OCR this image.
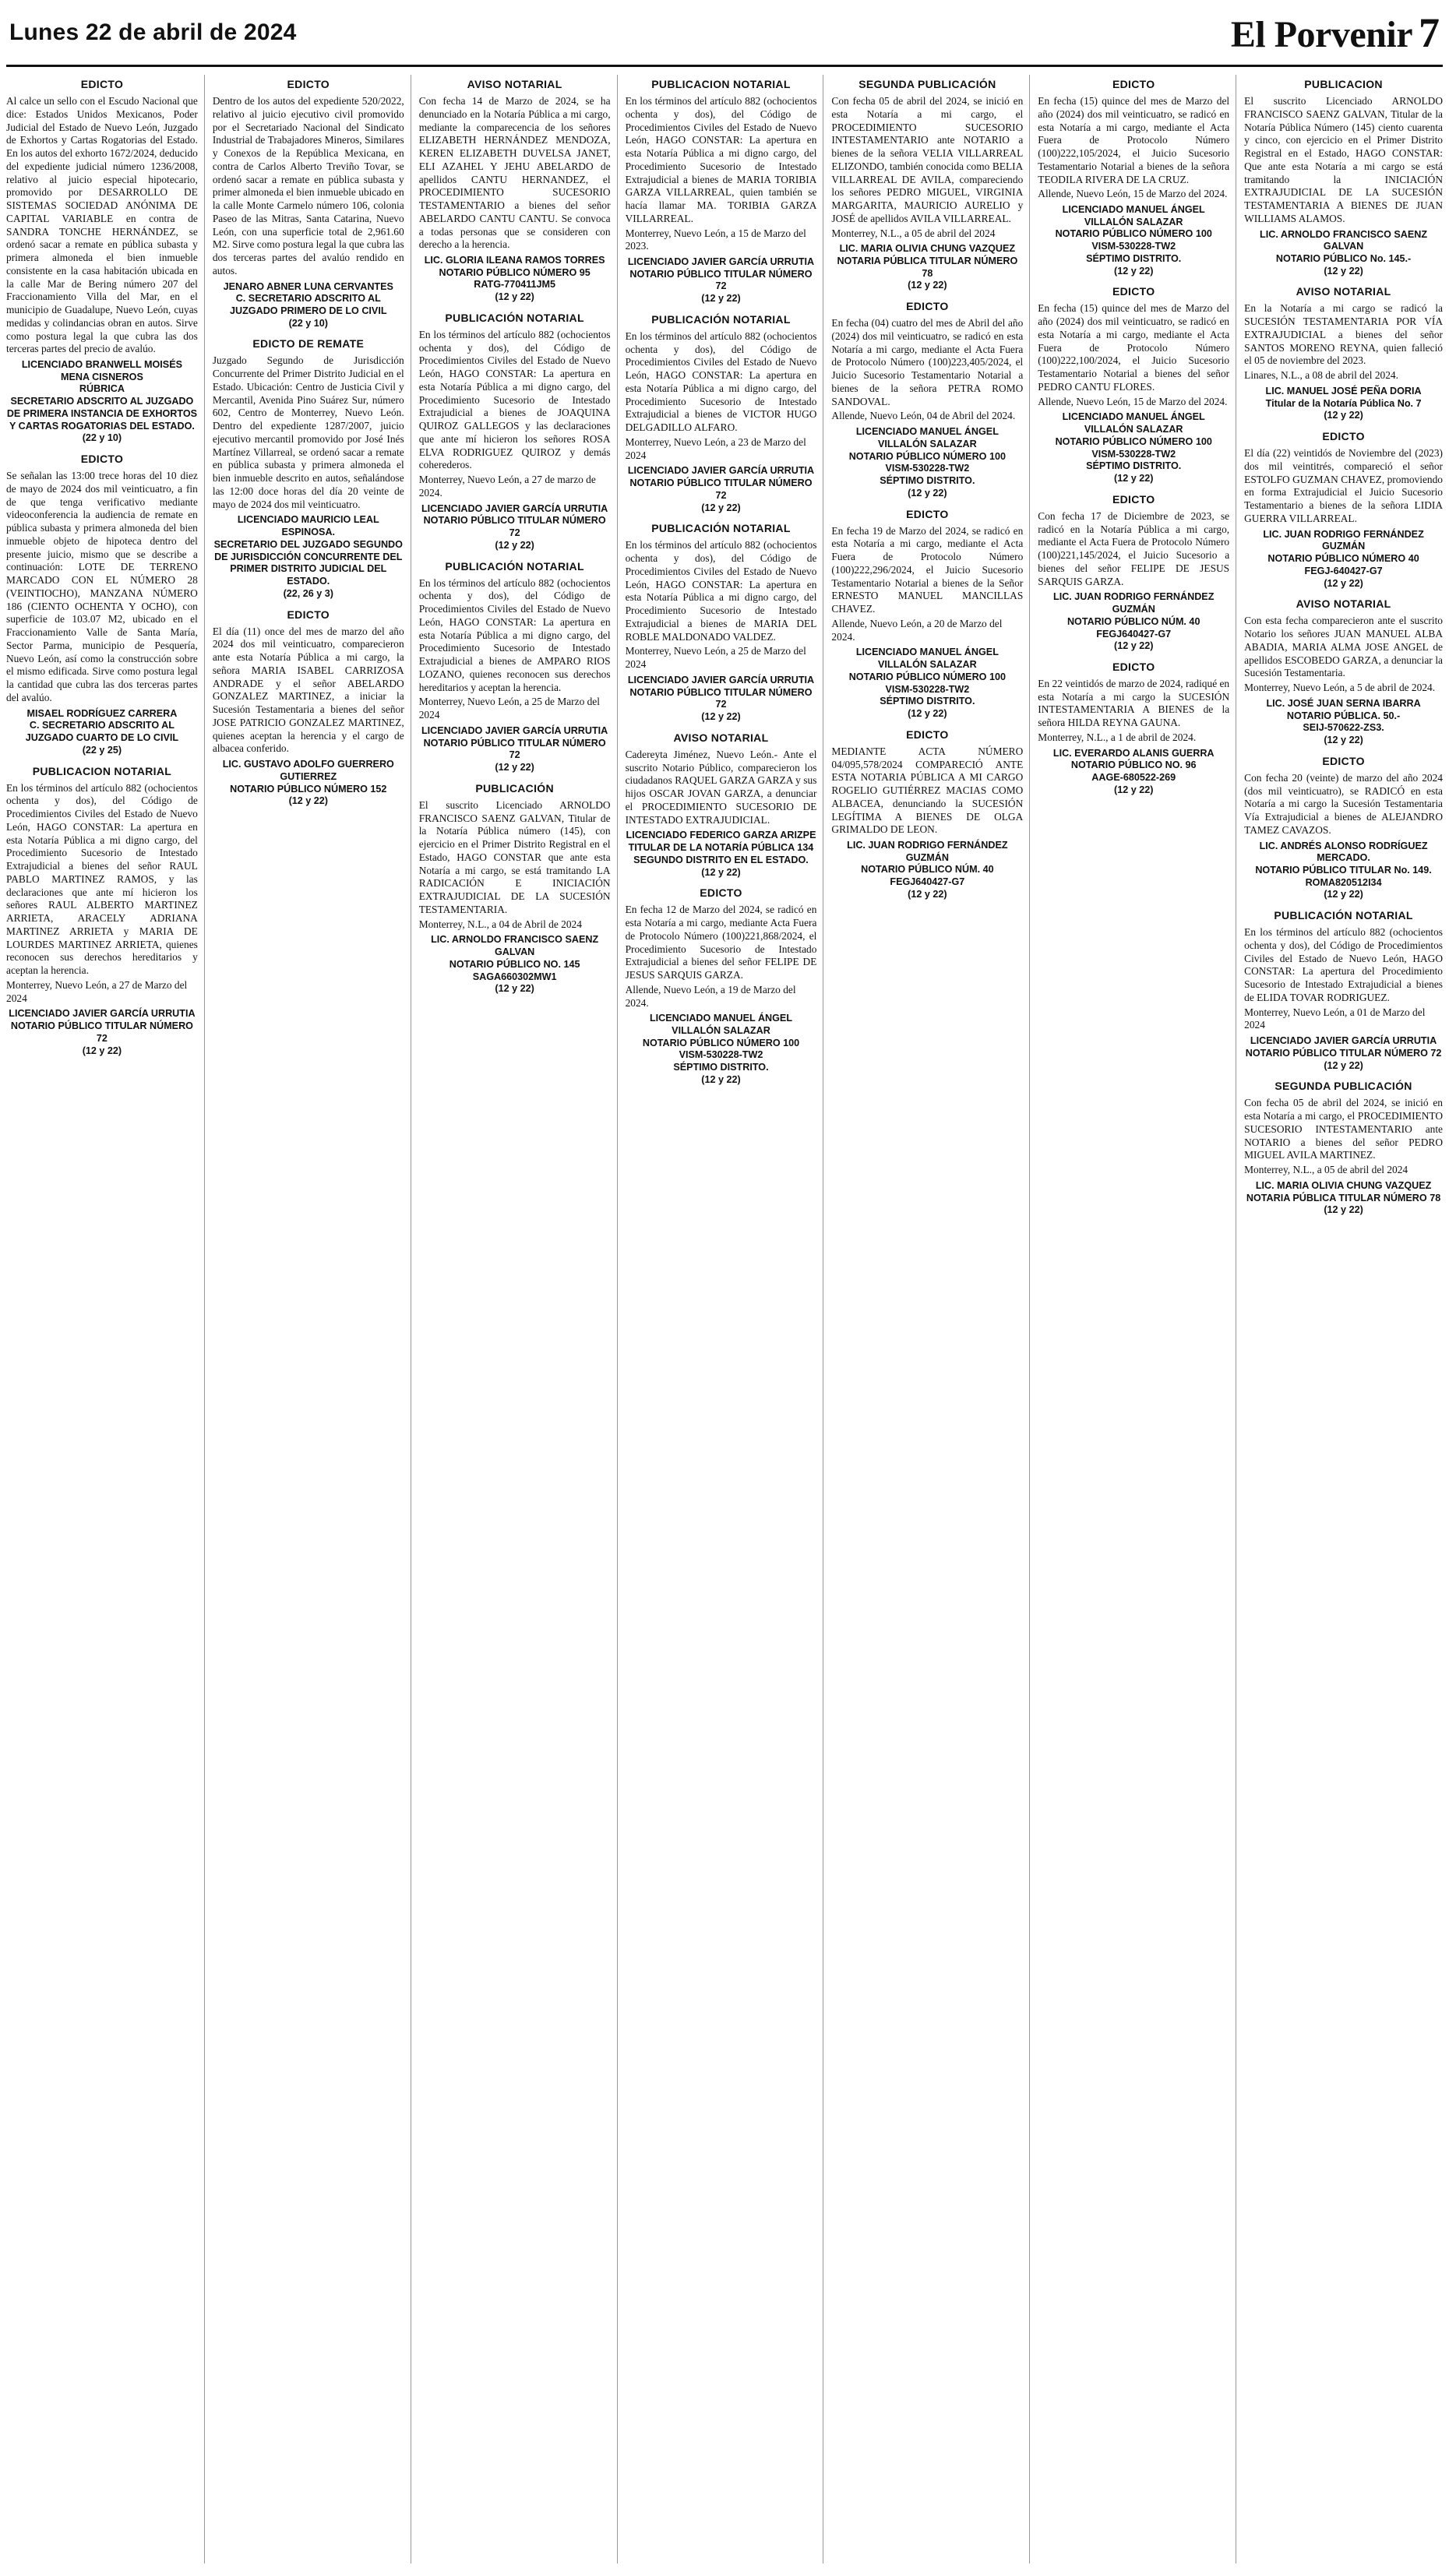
Lunes 22 de abril de 2024	El Porvenir 7
EDICTO

Al calce un sello con el Escudo Nacional que dice: Estados Unidos Mexicanos, Poder Judicial del Estado de Nuevo León, Juzgado de Exhortos y Cartas Rogatorias del Estado. En los autos del exhorto 1672/2024, deducido del expediente judicial número 1236/2008, relativo al juicio especial hipotecario, promovido por DESARROLLO DE SISTEMAS SOCIEDAD ANÓNIMA DE CAPITAL VARIABLE en contra de SANDRA TONCHE HERNÁNDEZ, se ordenó sacar a remate en pública subasta y primera almoneda el bien inmueble consistente en la casa habitación ubicada en la calle Mar de Bering número 207 del Fraccionamiento Villa del Mar, en el municipio de Guadalupe, Nuevo León, cuyas medidas y colindancias obran en autos. Sirve como postura legal la que cubra las dos terceras partes del precio de avalúo.

LICENCIADO BRANWELL MOISÉS MENA CISNEROS
RÚBRICA
SECRETARIO ADSCRITO AL JUZGADO DE PRIMERA INSTANCIA DE EXHORTOS Y CARTAS ROGATORIAS DEL ESTADO.
(22 y 10)

EDICTO

Se señalan las 13:00 trece horas del 10 diez de mayo de 2024 dos mil veinticuatro, a fin de que tenga verificativo mediante videoconferencia la audiencia de remate en pública subasta y primera almoneda del bien inmueble objeto de hipoteca dentro del presente juicio, mismo que se describe a continuación: LOTE DE TERRENO MARCADO CON EL NÚMERO 28 (VEINTIOCHO), MANZANA NÚMERO 186 (CIENTO OCHENTA Y OCHO), con superficie de 103.07 M2, ubicado en el Fraccionamiento Valle de Santa María, Sector Parma, municipio de Pesquería, Nuevo León, así como la construcción sobre el mismo edificada. Sirve como postura legal la cantidad que cubra las dos terceras partes del avalúo.

MISAEL RODRÍGUEZ CARRERA
C. SECRETARIO ADSCRITO AL JUZGADO CUARTO DE LO CIVIL
(22 y 25)

PUBLICACION NOTARIAL

En los términos del artículo 882 (ochocientos ochenta y dos), del Código de Procedimientos Civiles del Estado de Nuevo León, HAGO CONSTAR: La apertura en esta Notaría Pública a mi digno cargo, del Procedimiento Sucesorio de Intestado Extrajudicial a bienes del señor RAUL PABLO MARTINEZ RAMOS, y las declaraciones que ante mí hicieron los señores RAUL ALBERTO MARTINEZ ARRIETA, ARACELY ADRIANA MARTINEZ ARRIETA y MARIA DE LOURDES MARTINEZ ARRIETA, quienes reconocen sus derechos hereditarios y aceptan la herencia.

Monterrey, Nuevo León, a 27 de Marzo del 2024

LICENCIADO JAVIER GARCÍA URRUTIA
NOTARIO PÚBLICO TITULAR NÚMERO 72
(12 y 22)

EDICTO

Dentro de los autos del expediente 520/2022, relativo al juicio ejecutivo civil promovido por el Secretariado Nacional del Sindicato Industrial de Trabajadores Mineros, Similares y Conexos de la República Mexicana, en contra de Carlos Alberto Treviño Tovar, se ordenó sacar a remate en pública subasta y primer almoneda el bien inmueble ubicado en la calle Monte Carmelo número 106, colonia Paseo de las Mitras, Santa Catarina, Nuevo León, con una superficie total de 2,961.60 M2. Sirve como postura legal la que cubra las dos terceras partes del avalúo rendido en autos.

JENARO ABNER LUNA CERVANTES
C. SECRETARIO ADSCRITO AL JUZGADO PRIMERO DE LO CIVIL
(22 y 10)

EDICTO DE REMATE

Juzgado Segundo de Jurisdicción Concurrente del Primer Distrito Judicial en el Estado. Ubicación: Centro de Justicia Civil y Mercantil, Avenida Pino Suárez Sur, número 602, Centro de Monterrey, Nuevo León. Dentro del expediente 1287/2007, juicio ejecutivo mercantil promovido por José Inés Martínez Villarreal, se ordenó sacar a remate en pública subasta y primera almoneda el bien inmueble descrito en autos, señalándose las 12:00 doce horas del día 20 veinte de mayo de 2024 dos mil veinticuatro.

LICENCIADO MAURICIO LEAL ESPINOSA.
SECRETARIO DEL JUZGADO SEGUNDO DE JURISDICCIÓN CONCURRENTE DEL PRIMER DISTRITO JUDICIAL DEL ESTADO.
(22, 26 y 3)

EDICTO

El día (11) once del mes de marzo del año 2024 dos mil veinticuatro, comparecieron ante esta Notaría Pública a mi cargo, la señora MARIA ISABEL CARRIZOSA ANDRADE y el señor ABELARDO GONZALEZ MARTINEZ, a iniciar la Sucesión Testamentaria a bienes del señor JOSE PATRICIO GONZALEZ MARTINEZ, quienes aceptan la herencia y el cargo de albacea conferido.

LIC. GUSTAVO ADOLFO GUERRERO GUTIERREZ
NOTARIO PÚBLICO NÚMERO 152
(12 y 22)

AVISO NOTARIAL

Con fecha 14 de Marzo de 2024, se ha denunciado en la Notaría Pública a mi cargo, mediante la comparecencia de los señores ELIZABETH HERNÁNDEZ MENDOZA, KEREN ELIZABETH DUVELSA JANET, ELI AZAHEL Y JEHU ABELARDO de apellidos CANTU HERNANDEZ, el PROCEDIMIENTO SUCESORIO TESTAMENTARIO a bienes del señor ABELARDO CANTU CANTU. Se convoca a todas personas que se consideren con derecho a la herencia.

LIC. GLORIA ILEANA RAMOS TORRES
NOTARIO PÚBLICO NÚMERO 95
RATG-770411JM5
(12 y 22)

PUBLICACIÓN NOTARIAL

En los términos del artículo 882 (ochocientos ochenta y dos), del Código de Procedimientos Civiles del Estado de Nuevo León, HAGO CONSTAR: La apertura en esta Notaría Pública a mi digno cargo, del Procedimiento Sucesorio de Intestado Extrajudicial a bienes de JOAQUINA QUIROZ GALLEGOS y las declaraciones que ante mí hicieron los señores ROSA ELVA RODRIGUEZ QUIROZ y demás coherederos.

Monterrey, Nuevo León, a 27 de marzo de 2024.

LICENCIADO JAVIER GARCÍA URRUTIA
NOTARIO PÚBLICO TITULAR NÚMERO 72
(12 y 22)

PUBLICACIÓN NOTARIAL

En los términos del artículo 882 (ochocientos ochenta y dos), del Código de Procedimientos Civiles del Estado de Nuevo León, HAGO CONSTAR: La apertura en esta Notaría Pública a mi digno cargo, del Procedimiento Sucesorio de Intestado Extrajudicial a bienes de AMPARO RIOS LOZANO, quienes reconocen sus derechos hereditarios y aceptan la herencia.

Monterrey, Nuevo León, a 25 de Marzo del 2024

LICENCIADO JAVIER GARCÍA URRUTIA
NOTARIO PÚBLICO TITULAR NÚMERO 72
(12 y 22)

PUBLICACIÓN

El suscrito Licenciado ARNOLDO FRANCISCO SAENZ GALVAN, Titular de la Notaría Pública número (145), con ejercicio en el Primer Distrito Registral en el Estado, HAGO CONSTAR que ante esta Notaría a mi cargo, se está tramitando LA RADICACIÓN E INICIACIÓN EXTRAJUDICIAL DE LA SUCESIÓN TESTAMENTARIA.

Monterrey, N.L., a 04 de Abril de 2024

LIC. ARNOLDO FRANCISCO SAENZ GALVAN
NOTARIO PÚBLICO NO. 145
SAGA660302MW1
(12 y 22)

PUBLICACION NOTARIAL

En los términos del artículo 882 (ochocientos ochenta y dos), del Código de Procedimientos Civiles del Estado de Nuevo León, HAGO CONSTAR: La apertura en esta Notaría Pública a mi digno cargo, del Procedimiento Sucesorio de Intestado Extrajudicial a bienes de MARIA TORIBIA GARZA VILLARREAL, quien también se hacía llamar MA. TORIBIA GARZA VILLARREAL.

Monterrey, Nuevo León, a 15 de Marzo del 2023.

LICENCIADO JAVIER GARCÍA URRUTIA
NOTARIO PÚBLICO TITULAR NÚMERO 72
(12 y 22)

PUBLICACIÓN NOTARIAL

En los términos del artículo 882 (ochocientos ochenta y dos), del Código de Procedimientos Civiles del Estado de Nuevo León, HAGO CONSTAR: La apertura en esta Notaría Pública a mi digno cargo, del Procedimiento Sucesorio de Intestado Extrajudicial a bienes de VICTOR HUGO DELGADILLO ALFARO.

Monterrey, Nuevo León, a 23 de Marzo del 2024

LICENCIADO JAVIER GARCÍA URRUTIA
NOTARIO PÚBLICO TITULAR NÚMERO 72
(12 y 22)

PUBLICACIÓN NOTARIAL

En los términos del artículo 882 (ochocientos ochenta y dos), del Código de Procedimientos Civiles del Estado de Nuevo León, HAGO CONSTAR: La apertura en esta Notaría Pública a mi digno cargo, del Procedimiento Sucesorio de Intestado Extrajudicial a bienes de MARIA DEL ROBLE MALDONADO VALDEZ.

Monterrey, Nuevo León, a 25 de Marzo del 2024

LICENCIADO JAVIER GARCÍA URRUTIA
NOTARIO PÚBLICO TITULAR NÚMERO 72
(12 y 22)

AVISO NOTARIAL

Cadereyta Jiménez, Nuevo León.- Ante el suscrito Notario Público, comparecieron los ciudadanos RAQUEL GARZA GARZA y sus hijos OSCAR JOVAN GARZA, a denunciar el PROCEDIMIENTO SUCESORIO DE INTESTADO EXTRAJUDICIAL.

LICENCIADO FEDERICO GARZA ARIZPE
TITULAR DE LA NOTARÍA PÚBLICA 134
SEGUNDO DISTRITO EN EL ESTADO.
(12 y 22)

EDICTO

En fecha 12 de Marzo del 2024, se radicó en esta Notaría a mi cargo, mediante Acta Fuera de Protocolo Número (100)221,868/2024, el Procedimiento Sucesorio de Intestado Extrajudicial a bienes del señor FELIPE DE JESUS SARQUIS GARZA.

Allende, Nuevo León, a 19 de Marzo del 2024.

LICENCIADO MANUEL ÁNGEL VILLALÓN SALAZAR
NOTARIO PÚBLICO NÚMERO 100
VISM-530228-TW2
SÉPTIMO DISTRITO.
(12 y 22)

SEGUNDA PUBLICACIÓN

Con fecha 05 de abril del 2024, se inició en esta Notaría a mi cargo, el PROCEDIMIENTO SUCESORIO INTESTAMENTARIO ante NOTARIO a bienes de la señora VELIA VILLARREAL ELIZONDO, también conocida como BELIA VILLARREAL DE AVILA, compareciendo los señores PEDRO MIGUEL, VIRGINIA MARGARITA, MAURICIO AURELIO y JOSÉ de apellidos AVILA VILLARREAL.

Monterrey, N.L., a 05 de abril del 2024

LIC. MARIA OLIVIA CHUNG VAZQUEZ
NOTARIA PÚBLICA TITULAR NÚMERO 78
(12 y 22)

EDICTO

En fecha (04) cuatro del mes de Abril del año (2024) dos mil veinticuatro, se radicó en esta Notaría a mi cargo, mediante el Acta Fuera de Protocolo Número (100)223,405/2024, el Juicio Sucesorio Testamentario Notarial a bienes de la señora PETRA ROMO SANDOVAL.

Allende, Nuevo León, 04 de Abril del 2024.

LICENCIADO MANUEL ÁNGEL VILLALÓN SALAZAR
NOTARIO PÚBLICO NÚMERO 100
VISM-530228-TW2
SÉPTIMO DISTRITO.
(12 y 22)

EDICTO

En fecha 19 de Marzo del 2024, se radicó en esta Notaría a mi cargo, mediante el Acta Fuera de Protocolo Número (100)222,296/2024, el Juicio Sucesorio Testamentario Notarial a bienes de la Señor ERNESTO MANUEL MANCILLAS CHAVEZ.

Allende, Nuevo León, a 20 de Marzo del 2024.

LICENCIADO MANUEL ÁNGEL VILLALÓN SALAZAR
NOTARIO PÚBLICO NÚMERO 100
VISM-530228-TW2
SÉPTIMO DISTRITO.
(12 y 22)

EDICTO

MEDIANTE ACTA NÚMERO 04/095,578/2024 COMPARECIÓ ANTE ESTA NOTARIA PÚBLICA A MI CARGO ROGELIO GUTIÉRREZ MACIAS COMO ALBACEA, denunciando la SUCESIÓN LEGÍTIMA A BIENES DE OLGA GRIMALDO DE LEON.

LIC. JUAN RODRIGO FERNÁNDEZ GUZMÁN
NOTARIO PÚBLICO NÚM. 40
FEGJ640427-G7
(12 y 22)

EDICTO

En fecha (15) quince del mes de Marzo del año (2024) dos mil veinticuatro, se radicó en esta Notaría a mi cargo, mediante el Acta Fuera de Protocolo Número (100)222,105/2024, el Juicio Sucesorio Testamentario Notarial a bienes de la señora TEODILA RIVERA DE LA CRUZ.

Allende, Nuevo León, 15 de Marzo del 2024.

LICENCIADO MANUEL ÁNGEL VILLALÓN SALAZAR
NOTARIO PÚBLICO NÚMERO 100
VISM-530228-TW2
SÉPTIMO DISTRITO.
(12 y 22)

EDICTO

En fecha (15) quince del mes de Marzo del año (2024) dos mil veinticuatro, se radicó en esta Notaría a mi cargo, mediante el Acta Fuera de Protocolo Número (100)222,100/2024, el Juicio Sucesorio Testamentario Notarial a bienes del señor PEDRO CANTU FLORES.

Allende, Nuevo León, 15 de Marzo del 2024.

LICENCIADO MANUEL ÁNGEL VILLALÓN SALAZAR
NOTARIO PÚBLICO NÚMERO 100
VISM-530228-TW2
SÉPTIMO DISTRITO.
(12 y 22)

EDICTO

Con fecha 17 de Diciembre de 2023, se radicó en la Notaría Pública a mi cargo, mediante el Acta Fuera de Protocolo Número (100)221,145/2024, el Juicio Sucesorio a bienes del señor FELIPE DE JESUS SARQUIS GARZA.

LIC. JUAN RODRIGO FERNÁNDEZ GUZMÁN
NOTARIO PÚBLICO NÚM. 40
FEGJ640427-G7
(12 y 22)

EDICTO

En 22 veintidós de marzo de 2024, radiqué en esta Notaría a mi cargo la SUCESIÓN INTESTAMENTARIA A BIENES de la señora HILDA REYNA GAUNA.

Monterrey, N.L., a 1 de abril de 2024.

LIC. EVERARDO ALANIS GUERRA
NOTARIO PÚBLICO NO. 96
AAGE-680522-269
(12 y 22)

PUBLICACION

El suscrito Licenciado ARNOLDO FRANCISCO SAENZ GALVAN, Titular de la Notaría Pública Número (145) ciento cuarenta y cinco, con ejercicio en el Primer Distrito Registral en el Estado, HAGO CONSTAR: Que ante esta Notaría a mi cargo se está tramitando la INICIACIÓN EXTRAJUDICIAL DE LA SUCESIÓN TESTAMENTARIA A BIENES DE JUAN WILLIAMS ALAMOS.

LIC. ARNOLDO FRANCISCO SAENZ GALVAN
NOTARIO PÚBLICO No. 145.-
(12 y 22)

AVISO NOTARIAL

En la Notaría a mi cargo se radicó la SUCESIÓN TESTAMENTARIA POR VÍA EXTRAJUDICIAL a bienes del señor SANTOS MORENO REYNA, quien falleció el 05 de noviembre del 2023.

Linares, N.L., a 08 de abril del 2024.

LIC. MANUEL JOSÉ PEÑA DORIA
Titular de la Notaría Pública No. 7
(12 y 22)

EDICTO

El día (22) veintidós de Noviembre del (2023) dos mil veintitrés, compareció el señor ESTOLFO GUZMAN CHAVEZ, promoviendo en forma Extrajudicial el Juicio Sucesorio Testamentario a bienes de la señora LIDIA GUERRA VILLARREAL.

LIC. JUAN RODRIGO FERNÁNDEZ GUZMÁN
NOTARIO PÚBLICO NÚMERO 40
FEGJ-640427-G7
(12 y 22)

AVISO NOTARIAL

Con esta fecha comparecieron ante el suscrito Notario los señores JUAN MANUEL ALBA ABADIA, MARIA ALMA JOSE ANGEL de apellidos ESCOBEDO GARZA, a denunciar la Sucesión Testamentaria.

Monterrey, Nuevo León, a 5 de abril de 2024.

LIC. JOSÉ JUAN SERNA IBARRA
NOTARIO PÚBLICA. 50.-
SEIJ-570622-ZS3.
(12 y 22)

EDICTO

Con fecha 20 (veinte) de marzo del año 2024 (dos mil veinticuatro), se RADICÓ en esta Notaría a mi cargo la Sucesión Testamentaria Vía Extrajudicial a bienes de ALEJANDRO TAMEZ CAVAZOS.

LIC. ANDRÉS ALONSO RODRÍGUEZ MERCADO.
NOTARIO PÚBLICO TITULAR No. 149.
ROMA820512I34
(12 y 22)

PUBLICACIÓN NOTARIAL

En los términos del artículo 882 (ochocientos ochenta y dos), del Código de Procedimientos Civiles del Estado de Nuevo León, HAGO CONSTAR: La apertura del Procedimiento Sucesorio de Intestado Extrajudicial a bienes de ELIDA TOVAR RODRIGUEZ.

Monterrey, Nuevo León, a 01 de Marzo del 2024

LICENCIADO JAVIER GARCÍA URRUTIA
NOTARIO PÚBLICO TITULAR NÚMERO 72
(12 y 22)

SEGUNDA PUBLICACIÓN

Con fecha 05 de abril del 2024, se inició en esta Notaría a mi cargo, el PROCEDIMIENTO SUCESORIO INTESTAMENTARIO ante NOTARIO a bienes del señor PEDRO MIGUEL AVILA MARTINEZ.

Monterrey, N.L., a 05 de abril del 2024

LIC. MARIA OLIVIA CHUNG VAZQUEZ
NOTARIA PÚBLICA TITULAR NÚMERO 78
(12 y 22)
